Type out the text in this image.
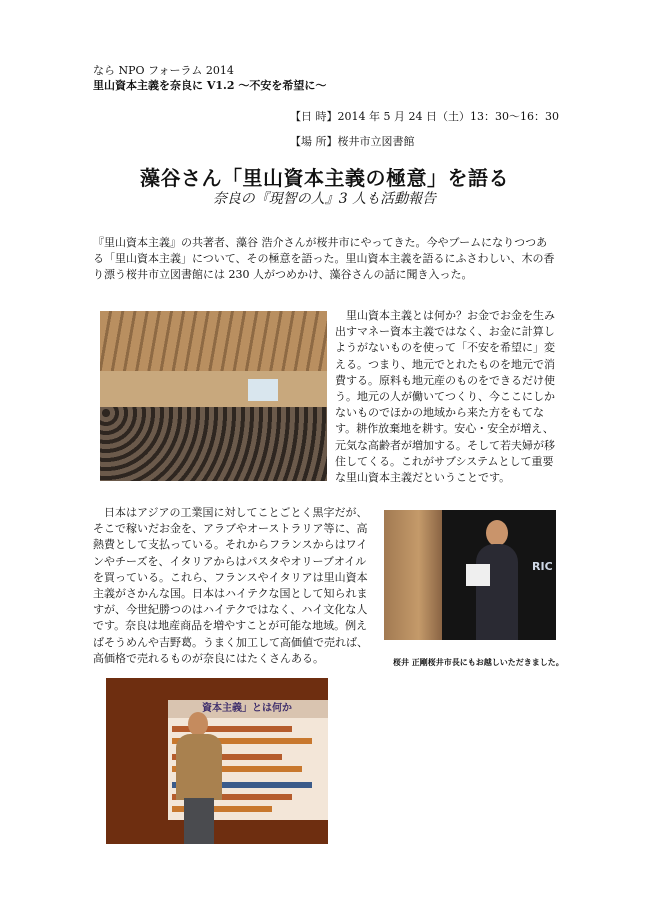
なら NPO フォーラム 2014
里山資本主義を奈良に V1.2 〜不安を希望に〜
【日 時】2014 年 5 月 24 日（土）13：30〜16：30
【場 所】桜井市立図書館
藻谷さん「里山資本主義の極意」を語る
奈良の『現智の人』3 人も活動報告

『里山資本主義』の共著者、藻谷 浩介さんが桜井市にやってきた。今やブームになりつつある「里山資本主義」について、その極意を語った。里山資本主義を語るにふさわしい、木の香り漂う桜井市立図書館には 230 人がつめかけ、藻谷さんの話に聞き入った。

里山資本主義とは何か？お金でお金を生み出すマネー資本主義ではなく、お金に計算しようがないものを使って「不安を希望に」変える。つまり、地元でとれたものを地元で消費する。原料も地元産のものをできるだけ使う。地元の人が働いてつくり、今ここにしかないものでほかの地域から来た方をもてなす。耕作放棄地を耕す。安心・安全が増え、元気な高齢者が増加する。そして若夫婦が移住してくる。これがサブシステムとして重要な里山資本主義だということです。

日本はアジアの工業国に対してことごとく黒字だが、そこで稼いだお金を、アラブやオーストラリア等に、高熱費として支払っている。それからフランスからはワインやチーズを、イタリアからはパスタやオリーブオイルを買っている。これら、フランスやイタリアは里山資本主義がさかんな国。日本はハイテクな国として知られますが、今世紀勝つのはハイテクではなく、ハイ文化な人です。奈良は地産商品を増やすことが可能な地域。例えばそうめんや吉野葛。うまく加工して高価値で売れば、高価格で売れるものが奈良にはたくさんある。

RIC
桜井 正剛桜井市長にもお越しいただきました。
資本主義」とは何か
